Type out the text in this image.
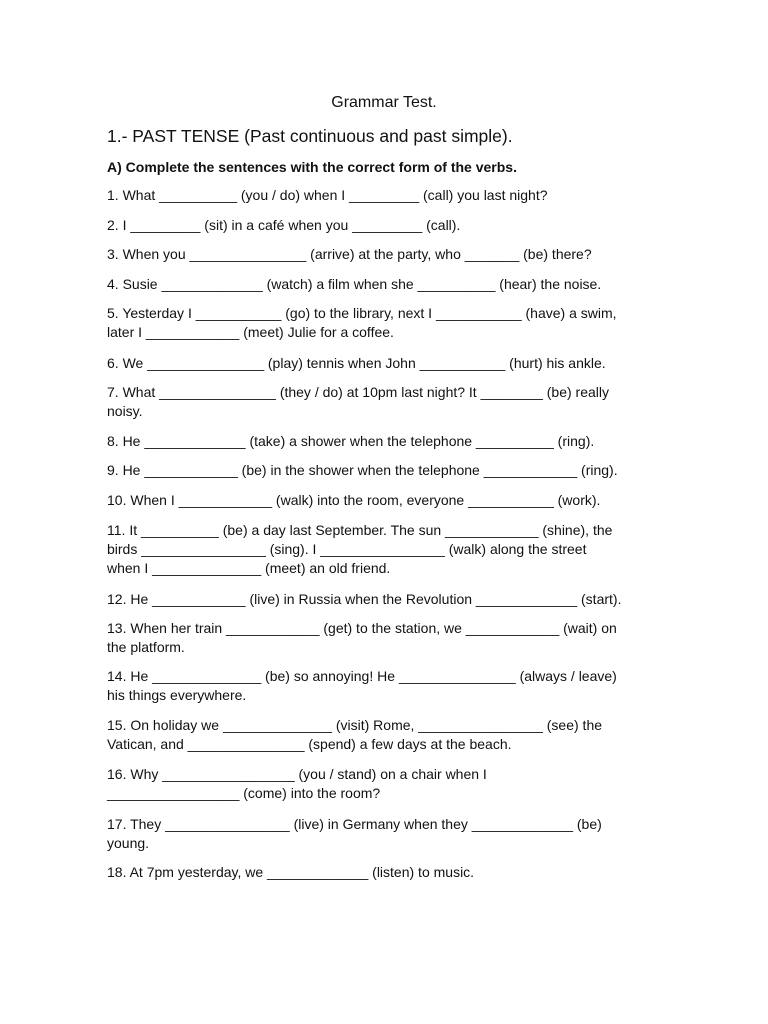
Grammar Test.
1.- PAST TENSE (Past continuous and past simple).
A) Complete the sentences with the correct form of the verbs.
1. What __________ (you / do) when I _________ (call) you last night?
2. I _________ (sit) in a café when you _________ (call).
3. When you _______________ (arrive) at the party, who _______ (be) there?
4. Susie _____________ (watch) a film when she __________ (hear) the noise.
5. Yesterday I ___________ (go) to the library, next I ___________ (have) a swim,
later I ____________ (meet) Julie for a coffee.
6. We _______________ (play) tennis when John ___________ (hurt) his ankle.
7. What _______________ (they / do) at 10pm last night? It ________ (be) really
noisy.
8. He _____________ (take) a shower when the telephone __________ (ring).
9. He ____________ (be) in the shower when the telephone ____________ (ring).
10. When I ____________ (walk) into the room, everyone ___________ (work).
11. It __________ (be) a day last September. The sun ____________ (shine), the
birds ________________ (sing). I ________________ (walk) along the street
when I ______________ (meet) an old friend.
12. He ____________ (live) in Russia when the Revolution _____________ (start).
13. When her train ____________ (get) to the station, we ____________ (wait) on
the platform.
14. He ______________ (be) so annoying! He _______________ (always / leave)
his things everywhere.
15. On holiday we ______________ (visit) Rome, ________________ (see) the
Vatican, and _______________ (spend) a few days at the beach.
16. Why _________________ (you / stand) on a chair when I
_________________ (come) into the room?
17. They ________________ (live) in Germany when they _____________ (be)
young.
18. At 7pm yesterday, we _____________ (listen) to music.
